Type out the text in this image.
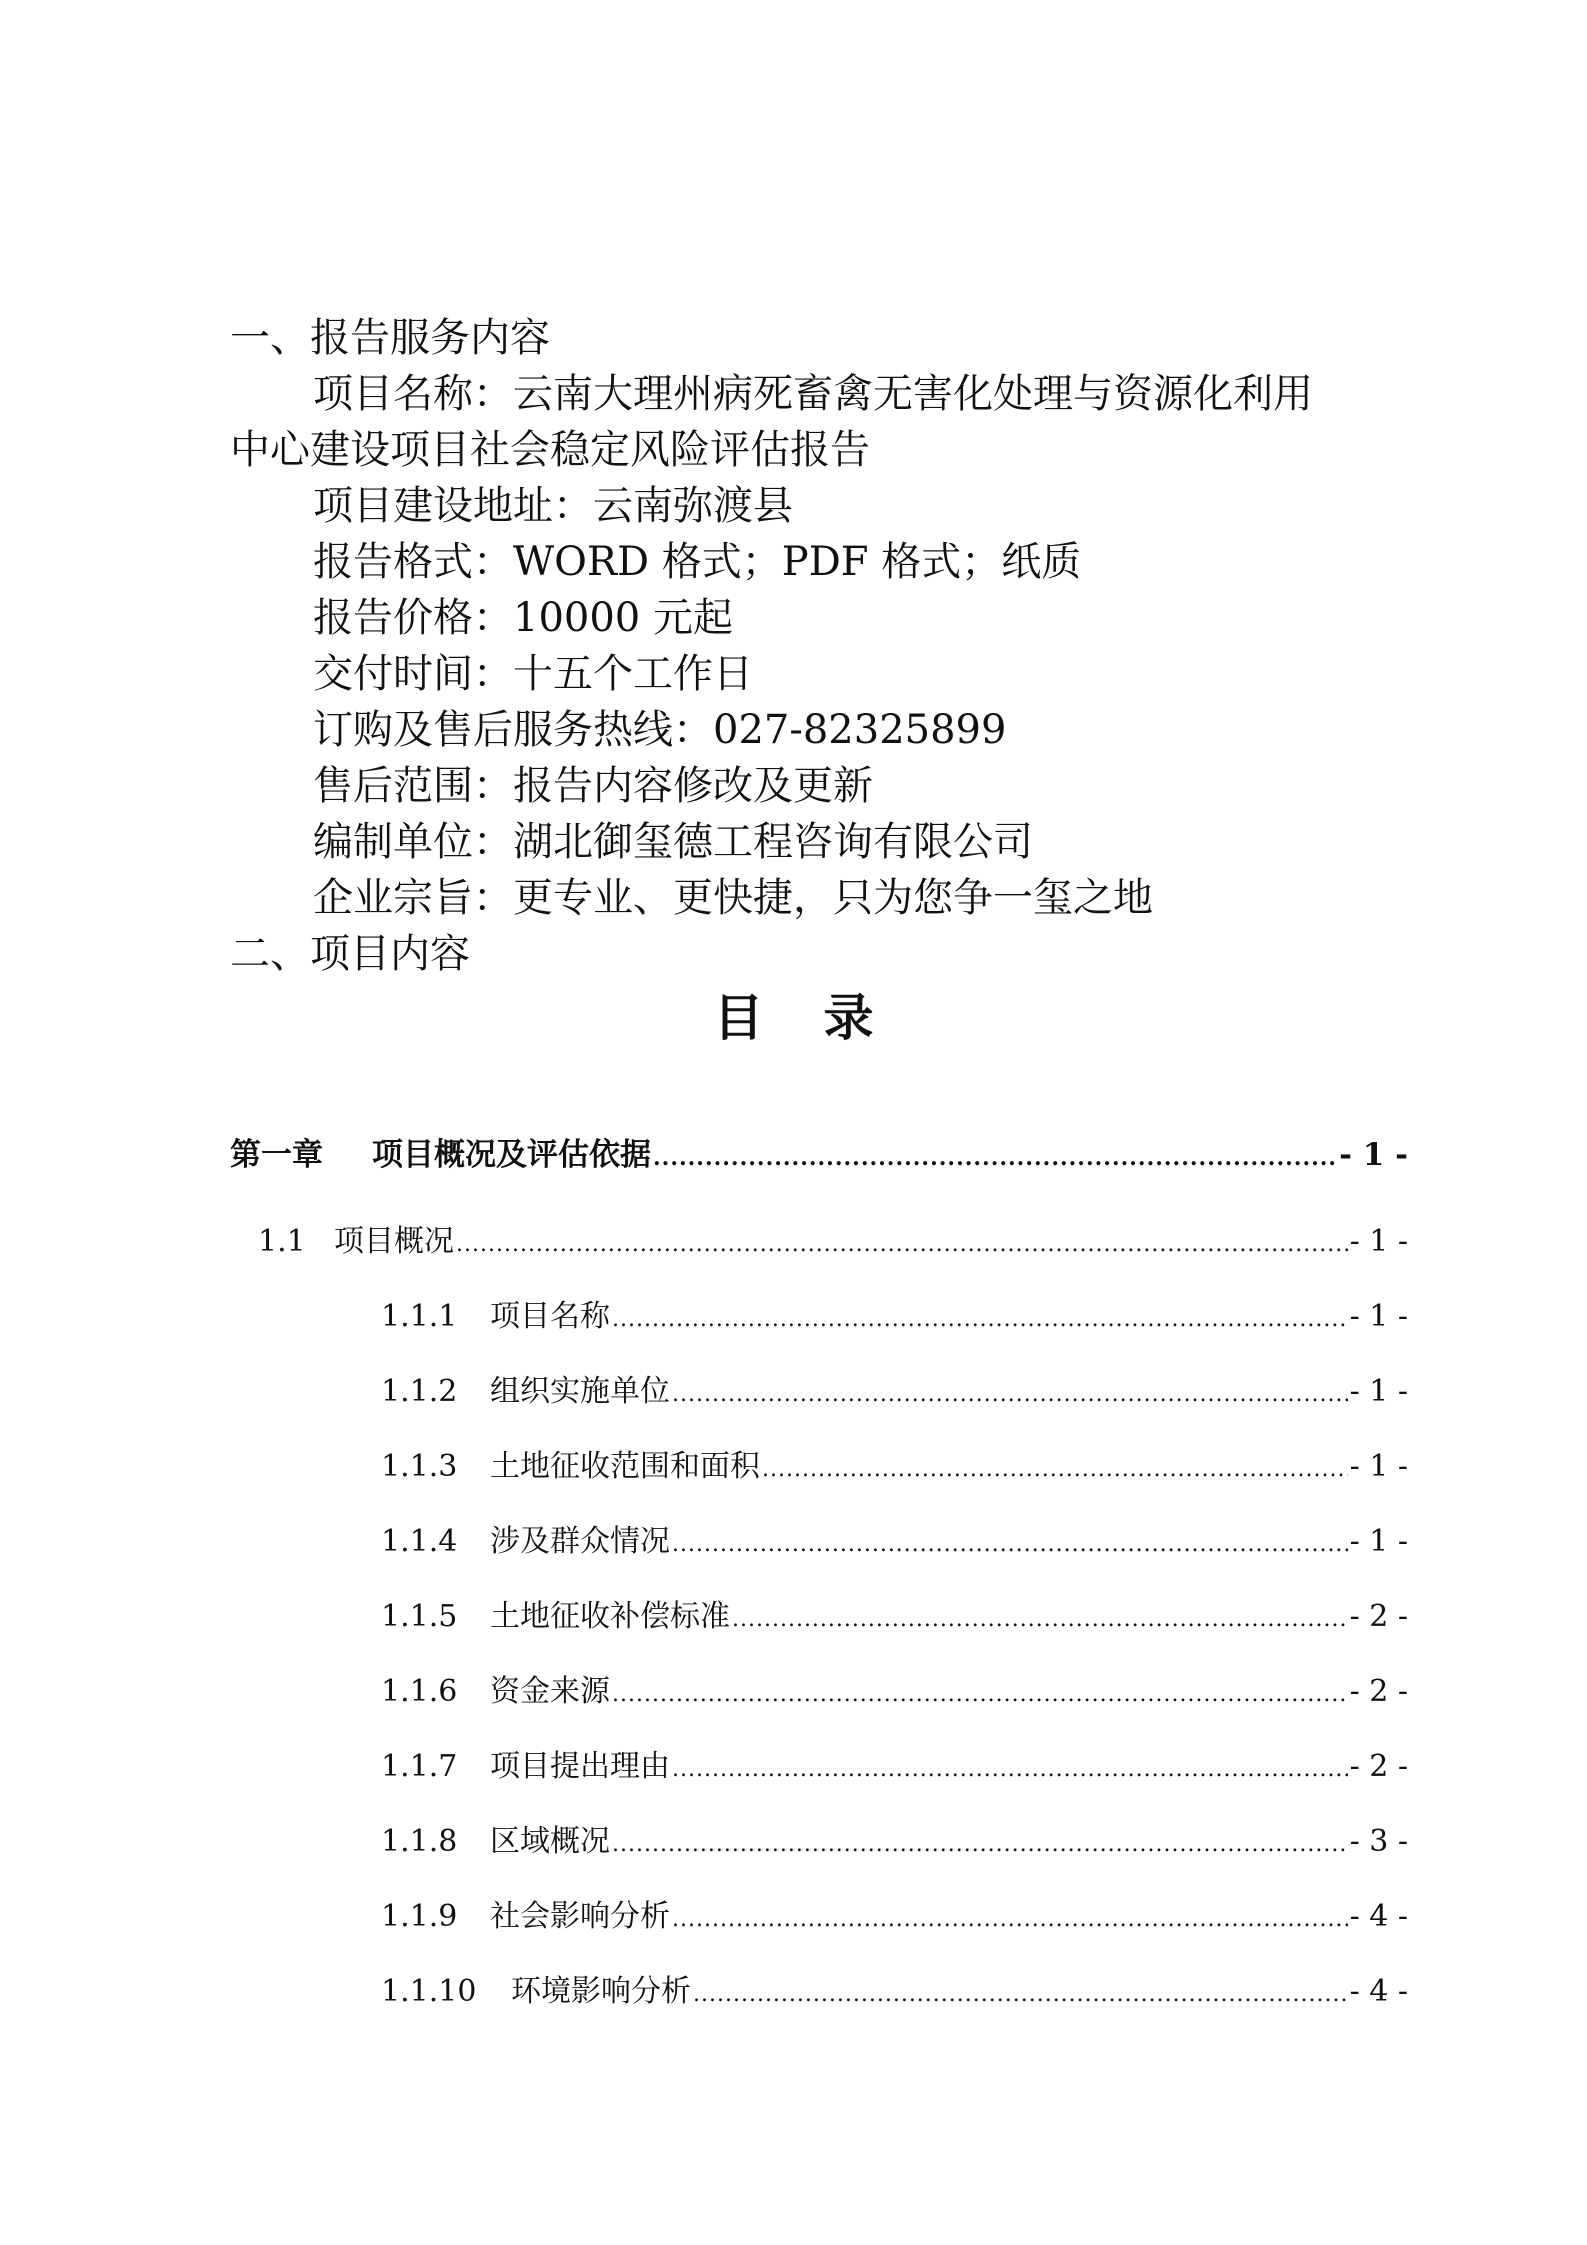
一、报告服务内容
项目名称：云南大理州病死畜禽无害化处理与资源化利用
中心建设项目社会稳定风险评估报告
项目建设地址：云南弥渡县
报告格式：WORD 格式；PDF 格式；纸质
报告价格：10000 元起
交付时间：十五个工作日
订购及售后服务热线：027-82325899
售后范围：报告内容修改及更新
编制单位：湖北御玺德工程咨询有限公司
企业宗旨：更专业、更快捷，只为您争一玺之地
二、项目内容
目录
第一章	项目概况及评估依据 .....	- 1 -
1.1 项目概况 .....	- 1 -
1.1.1	项目名称 .....	- 1 -
1.1.2	组织实施单位 .....	- 1 -
1.1.3	土地征收范围和面积 .....	- 1 -
1.1.4	涉及群众情况 .....	- 1 -
1.1.5	土地征收补偿标准 .....	- 2 -
1.1.6	资金来源 .....	- 2 -
1.1.7	项目提出理由 .....	- 2 -
1.1.8	区域概况 .....	- 3 -
1.1.9	社会影响分析 .....	- 4 -
1.1.10	环境影响分析 .....	- 4 -
